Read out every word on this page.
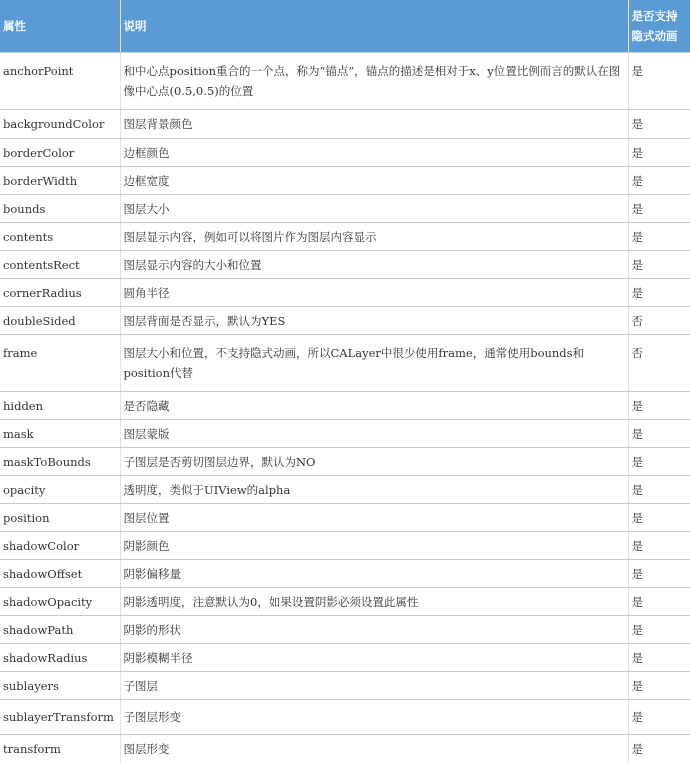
属性	说明	是否支持隐式动画
anchorPoint	和中心点position重合的一个点，称为“锚点”，锚点的描述是相对于x、y位置比例而言的默认在图像中心点(0.5,0.5)的位置	是
backgroundColor	图层背景颜色	是
borderColor	边框颜色	是
borderWidth	边框宽度	是
bounds	图层大小	是
contents	图层显示内容，例如可以将图片作为图层内容显示	是
contentsRect	图层显示内容的大小和位置	是
cornerRadius	圆角半径	是
doubleSided	图层背面是否显示，默认为YES	否
frame	图层大小和位置，不支持隐式动画，所以CALayer中很少使用frame，通常使用bounds和position代替	否
hidden	是否隐藏	是
mask	图层蒙版	是
maskToBounds	子图层是否剪切图层边界，默认为NO	是
opacity	透明度，类似于UIView的alpha	是
position	图层位置	是
shadowColor	阴影颜色	是
shadowOffset	阴影偏移量	是
shadowOpacity	阴影透明度，注意默认为0，如果设置阴影必须设置此属性	是
shadowPath	阴影的形状	是
shadowRadius	阴影模糊半径	是
sublayers	子图层	是
sublayerTransform	子图层形变	是
transform	图层形变	是
